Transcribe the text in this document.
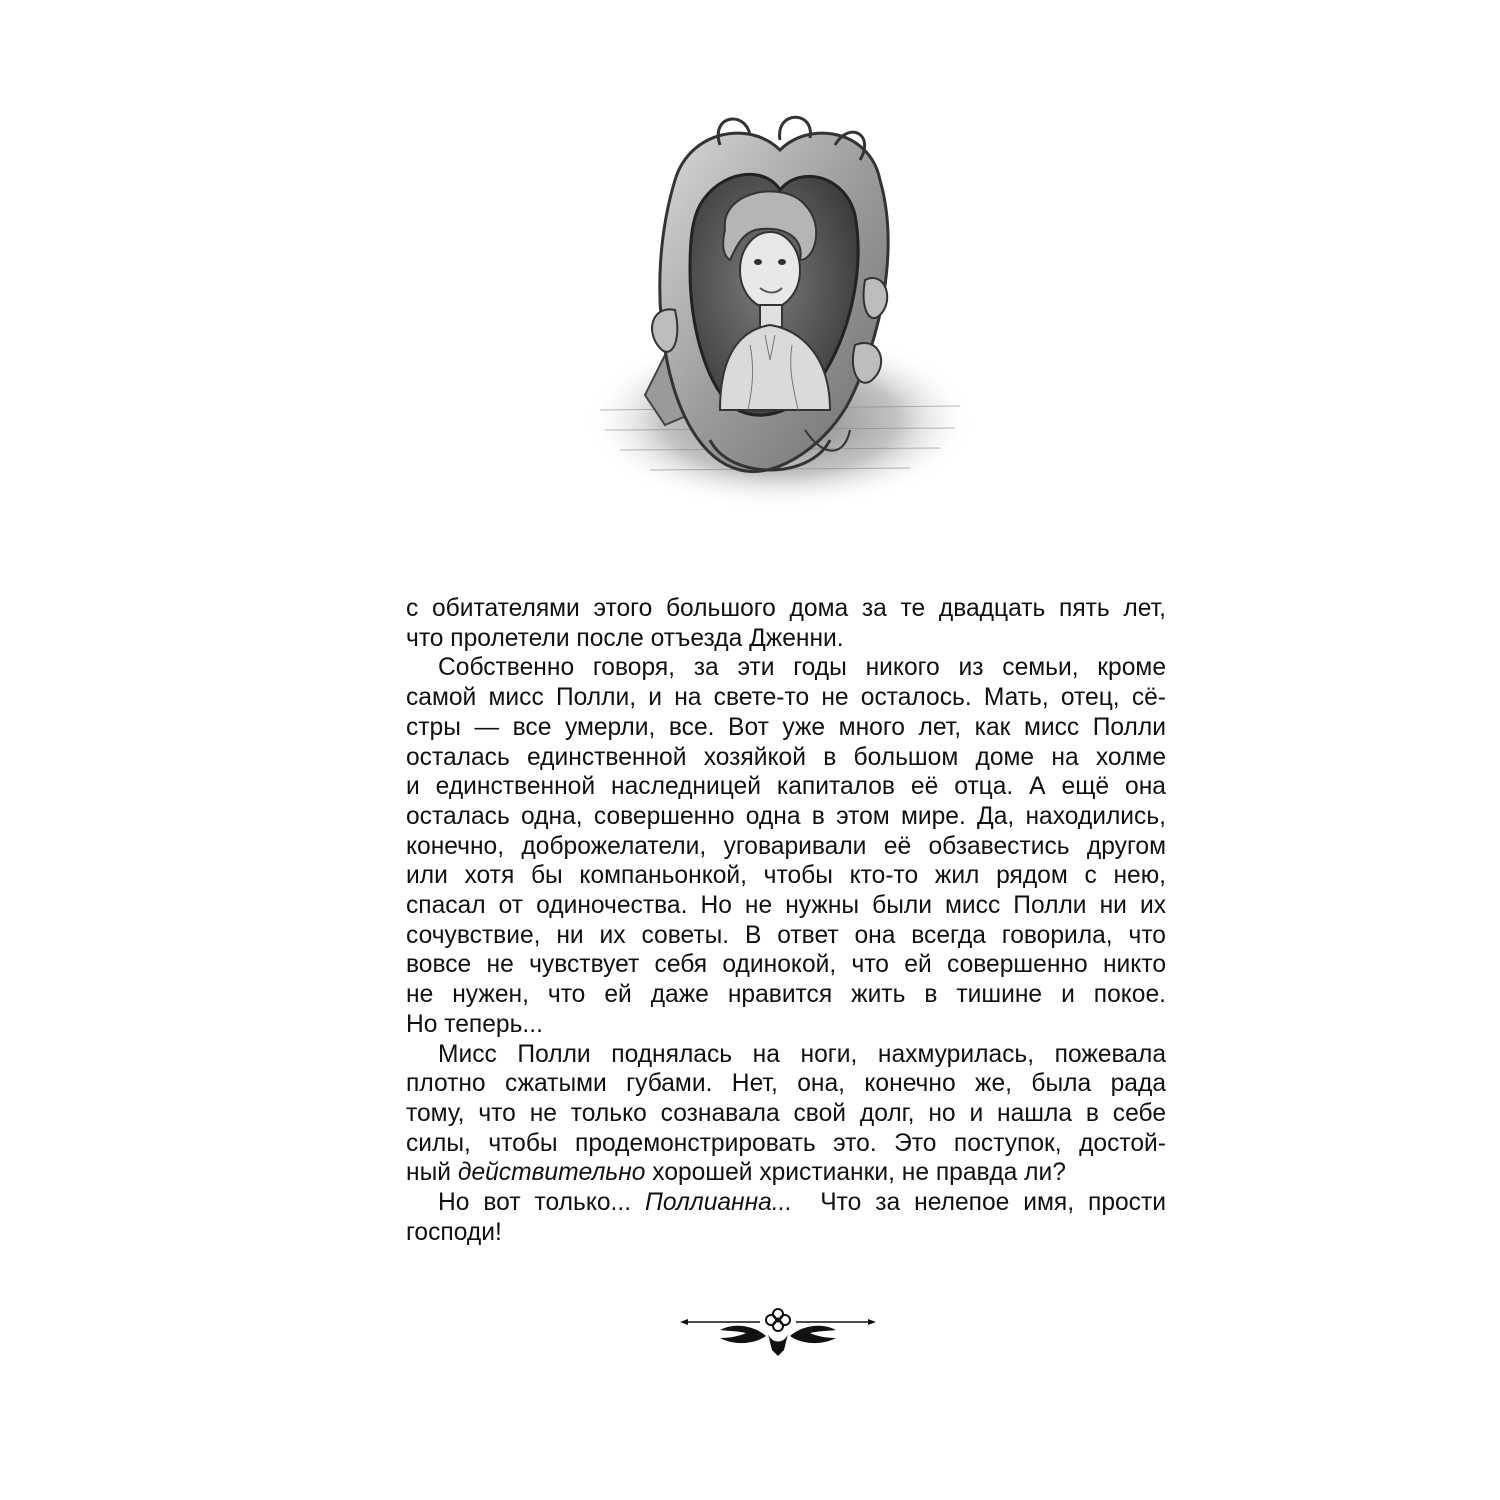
с обитателями этого большого дома за те двадцать пять лет,
что пролетели после отъезда Дженни.

Собственно говоря, за эти годы никого из семьи, кроме
самой мисс Полли, и на свете-то не осталось. Мать, отец, сё-
стры — все умерли, все. Вот уже много лет, как мисс Полли
осталась единственной хозяйкой в большом доме на холме
и единственной наследницей капиталов её отца. А ещё она
осталась одна, совершенно одна в этом мире. Да, находились,
конечно, доброжелатели, уговаривали её обзавестись другом
или хотя бы компаньонкой, чтобы кто-то жил рядом с нею,
спасал от одиночества. Но не нужны были мисс Полли ни их
сочувствие, ни их советы. В ответ она всегда говорила, что
вовсе не чувствует себя одинокой, что ей совершенно никто
не нужен, что ей даже нравится жить в тишине и покое.
Но теперь...

Мисс Полли поднялась на ноги, нахмурилась, пожевала
плотно сжатыми губами. Нет, она, конечно же, была рада
тому, что не только сознавала свой долг, но и нашла в себе
силы, чтобы продемонстрировать это. Это поступок, достой-
ный действительно хорошей христианки, не правда ли?

Но вот только... Поллианна...  Что за нелепое имя, прости
господи!
